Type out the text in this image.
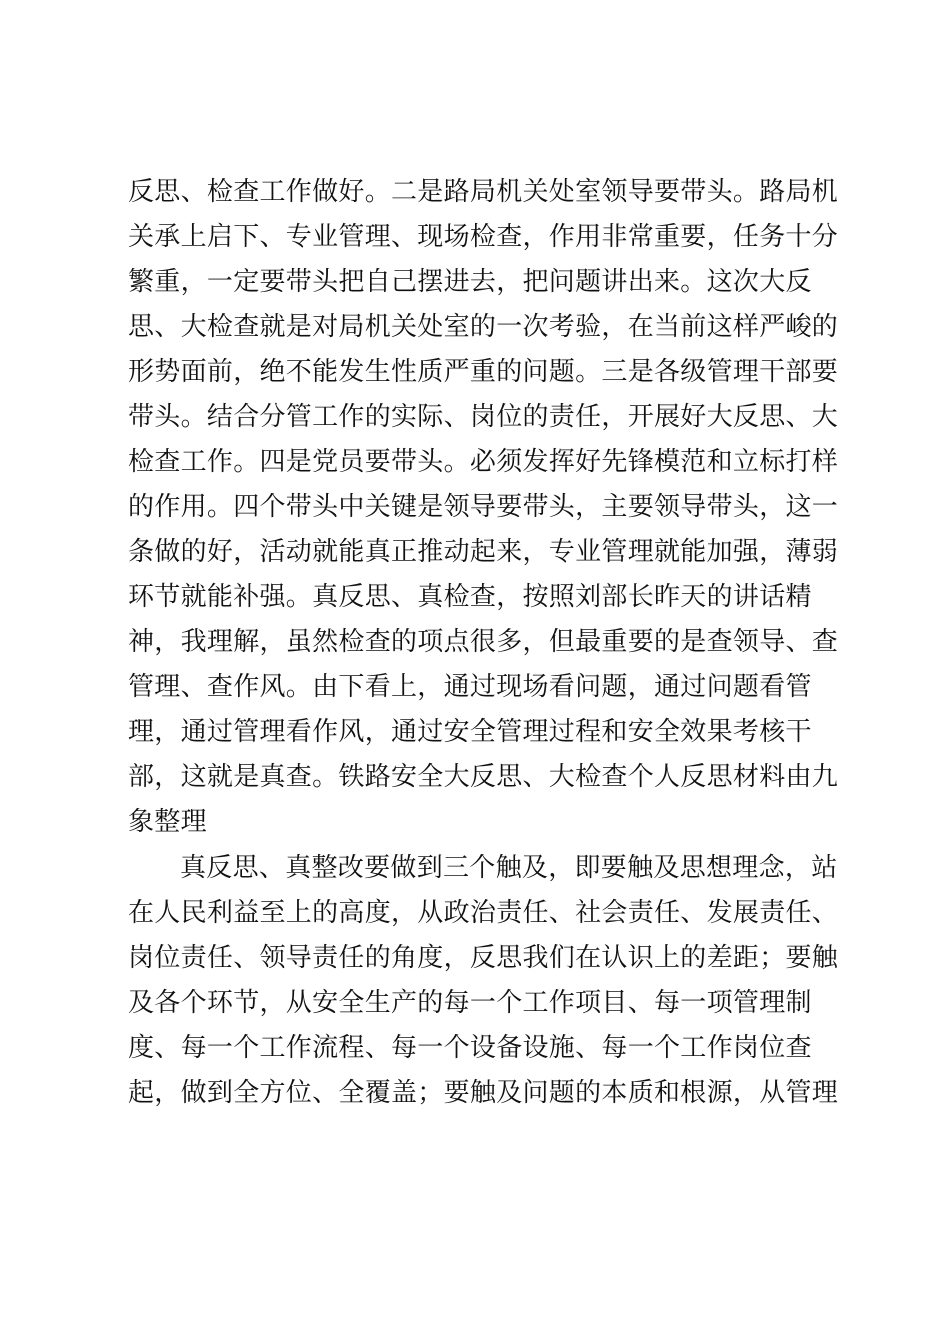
反思、检查工作做好。二是路局机关处室领导要带头。路局机
关承上启下、专业管理、现场检查，作用非常重要，任务十分
繁重，一定要带头把自己摆进去，把问题讲出来。这次大反
思、大检查就是对局机关处室的一次考验，在当前这样严峻的
形势面前，绝不能发生性质严重的问题。三是各级管理干部要
带头。结合分管工作的实际、岗位的责任，开展好大反思、大
检查工作。四是党员要带头。必须发挥好先锋模范和立标打样
的作用。四个带头中关键是领导要带头，主要领导带头，这一
条做的好，活动就能真正推动起来，专业管理就能加强，薄弱
环节就能补强。真反思、真检查，按照刘部长昨天的讲话精
神，我理解，虽然检查的项点很多，但最重要的是查领导、查
管理、查作风。由下看上，通过现场看问题，通过问题看管
理，通过管理看作风，通过安全管理过程和安全效果考核干
部，这就是真查。铁路安全大反思、大检查个人反思材料由九
象整理
真反思、真整改要做到三个触及，即要触及思想理念，站
在人民利益至上的高度，从政治责任、社会责任、发展责任、
岗位责任、领导责任的角度，反思我们在认识上的差距；要触
及各个环节，从安全生产的每一个工作项目、每一项管理制
度、每一个工作流程、每一个设备设施、每一个工作岗位查
起，做到全方位、全覆盖；要触及问题的本质和根源，从管理
